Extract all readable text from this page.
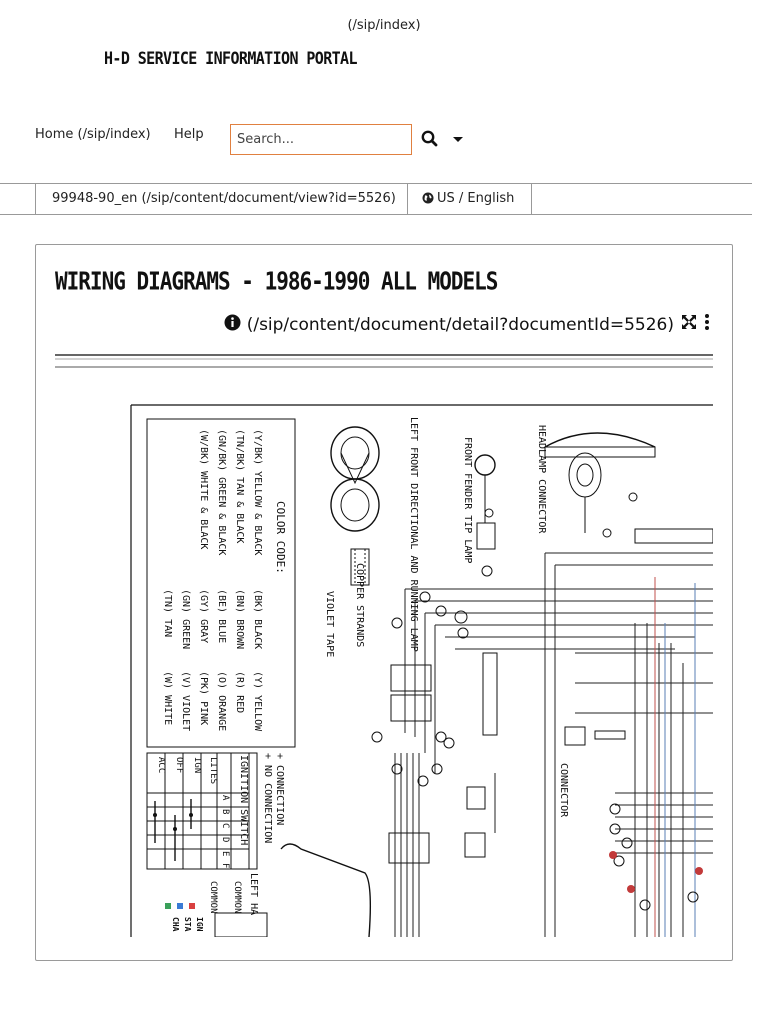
(/sip/index)
H-D SERVICE INFORMATION PORTAL
Home (/sip/index) Help
Search...
99948-90_en (/sip/content/document/view?id=5526)	US / English
WIRING DIAGRAMS - 1986-1990 ALL MODELS
(/sip/content/document/detail?documentId=5526)
COLOR CODE:
(Y/BK) YELLOW & BLACK
(TN/BK) TAN & BLACK
(GN/BK) GREEN & BLACK
(W/BK) WHITE & BLACK
(BK) BLACK
(Y) YELLOW
(BN) BROWN
(R) RED
(BE) BLUE
(O) ORANGE
(GY) GRAY
(PK) PINK
(GN) GREEN
(V) VIOLET
(TN) TAN
(W) WHITE
ACC OFF IGN LITES IGNITION SWITCH
A
B
C
D
E
F
+ NO CONNECTION + CONNECTION
LEFT FRONT DIRECTIONAL AND RUNNING LAMP
COPPER STRANDS
VIOLET TAPE
FRONT FENDER TIP LAMP	HEADLAMP CONNECTOR
CONNECTOR
LEFT HA
COMMON
COMMON
IGN
STA
CHA
